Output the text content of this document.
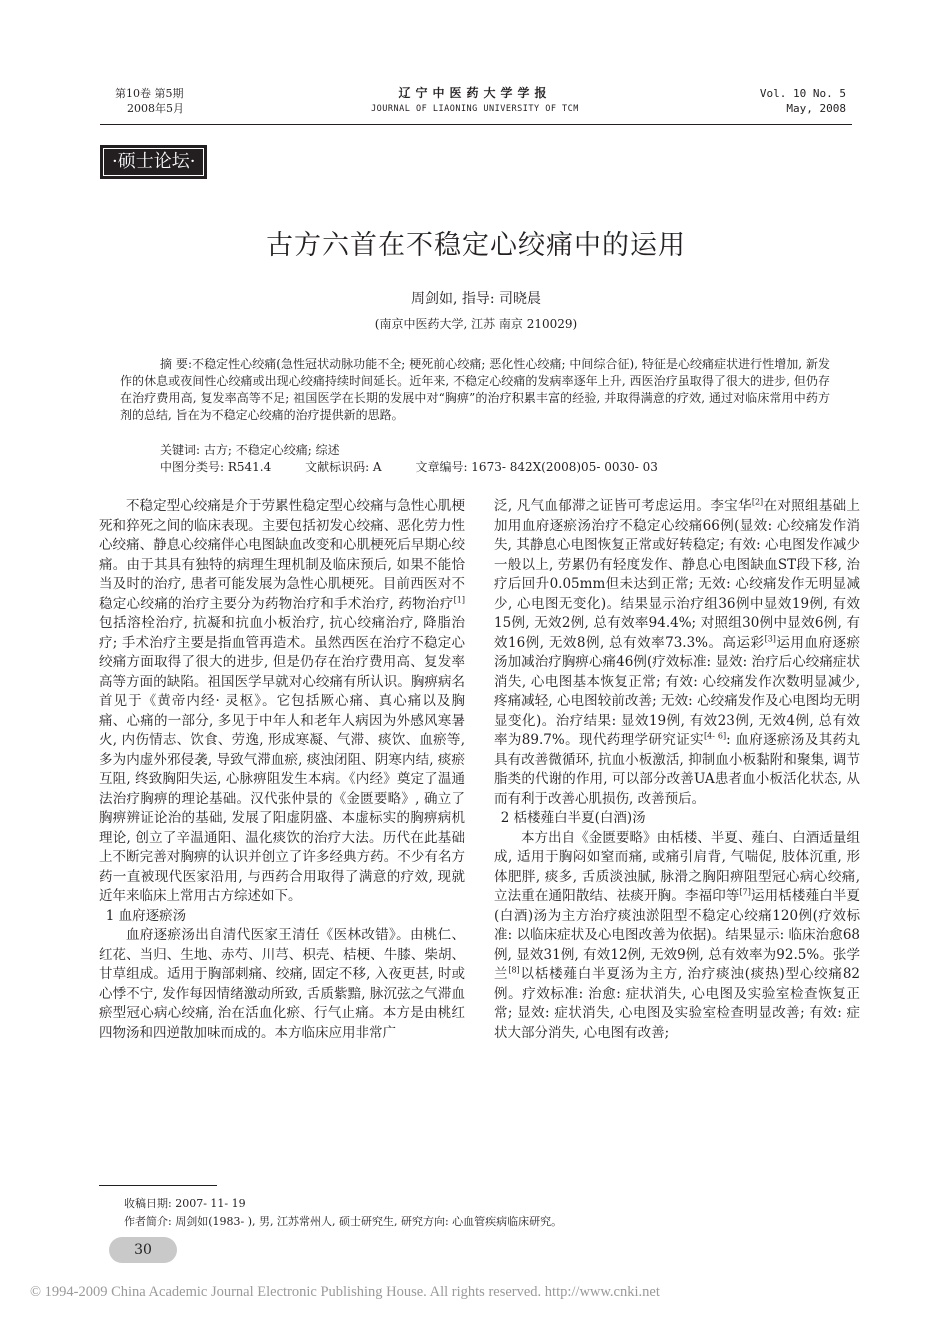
第10卷 第5期
2008年5月
辽宁中医药大学学报
JOURNAL OF LIAONING UNIVERSITY OF TCM
Vol. 10 No. 5
May, 2008
·硕士论坛·
古方六首在不稳定心绞痛中的运用
周剑如, 指导: 司晓晨
(南京中医药大学, 江苏 南京 210029)
摘 要:不稳定性心绞痛(急性冠状动脉功能不全; 梗死前心绞痛; 恶化性心绞痛; 中间综合征), 特征是心绞痛症状进行性增加, 新发作的休息或夜间性心绞痛或出现心绞痛持续时间延长。近年来, 不稳定心绞痛的发病率逐年上升, 西医治疗虽取得了很大的进步, 但仍存在治疗费用高, 复发率高等不足; 祖国医学在长期的发展中对“胸痹”的治疗积累丰富的经验, 并取得满意的疗效, 通过对临床常用中药方剂的总结, 旨在为不稳定心绞痛的治疗提供新的思路。
关键词: 古方; 不稳定心绞痛; 综述
中图分类号: R541.4	文献标识码: A	文章编号: 1673- 842X(2008)05- 0030- 03

不稳定型心绞痛是介于劳累性稳定型心绞痛与急性心肌梗死和猝死之间的临床表现。主要包括初发心绞痛、恶化劳力性心绞痛、静息心绞痛伴心电图缺血改变和心肌梗死后早期心绞痛。由于其具有独特的病理生理机制及临床预后, 如果不能恰当及时的治疗, 患者可能发展为急性心肌梗死。目前西医对不稳定心绞痛的治疗主要分为药物治疗和手术治疗, 药物治疗[1]包括溶栓治疗, 抗凝和抗血小板治疗, 抗心绞痛治疗, 降脂治疗; 手术治疗主要是指血管再造术。虽然西医在治疗不稳定心绞痛方面取得了很大的进步, 但是仍存在治疗费用高、复发率高等方面的缺陷。祖国医学早就对心绞痛有所认识。胸痹病名首见于《黄帝内经· 灵枢》。它包括厥心痛、真心痛以及胸痛、心痛的一部分, 多见于中年人和老年人病因为外感风寒暑火, 内伤情志、饮食、劳逸, 形成寒凝、气滞、痰饮、血瘀等, 多为内虚外邪侵袭, 导致气滞血瘀, 痰浊闭阻、阴寒内结, 痰瘀互阻, 终致胸阳失运, 心脉痹阻发生本病。《内经》奠定了温通法治疗胸痹的理论基础。汉代张仲景的《金匮要略》, 确立了胸痹辨证论治的基础, 发展了阳虚阴盛、本虚标实的胸痹病机理论, 创立了辛温通阳、温化痰饮的治疗大法。历代在此基础上不断完善对胸痹的认识并创立了许多经典方药。不少有名方药一直被现代医家沿用, 与西药合用取得了满意的疗效, 现就近年来临床上常用古方综述如下。

1 血府逐瘀汤

血府逐瘀汤出自清代医家王清任《医林改错》。由桃仁、红花、当归、生地、赤芍、川芎、枳壳、桔梗、牛膝、柴胡、甘草组成。适用于胸部刺痛、绞痛, 固定不移, 入夜更甚, 时或心悸不宁, 发作每因情绪激动所致, 舌质紫黯, 脉沉弦之气滞血瘀型冠心病心绞痛, 治在活血化瘀、行气止痛。本方是由桃红四物汤和四逆散加味而成的。本方临床应用非常广

泛, 凡气血郁滞之证皆可考虑运用。李宝华[2]在对照组基础上加用血府逐瘀汤治疗不稳定心绞痛66例(显效: 心绞痛发作消失, 其静息心电图恢复正常或好转稳定; 有效: 心电图发作减少一般以上, 劳累仍有轻度发作、静息心电图缺血ST段下移, 治疗后回升0.05mm但未达到正常; 无效: 心绞痛发作无明显减少, 心电图无变化)。结果显示治疗组36例中显效19例, 有效15例, 无效2例, 总有效率94.4%; 对照组30例中显效6例, 有效16例, 无效8例, 总有效率73.3%。高运彩[3]运用血府逐瘀汤加减治疗胸痹心痛46例(疗效标准: 显效: 治疗后心绞痛症状消失, 心电图基本恢复正常; 有效: 心绞痛发作次数明显减少, 疼痛减轻, 心电图较前改善; 无效: 心绞痛发作及心电图均无明显变化)。治疗结果: 显效19例, 有效23例, 无效4例, 总有效率为89.7%。现代药理学研究证实[4- 6]: 血府逐瘀汤及其药丸具有改善微循环, 抗血小板激活, 抑制血小板黏附和聚集, 调节脂类的代谢的作用, 可以部分改善UA患者血小板活化状态, 从而有利于改善心肌损伤, 改善预后。

2 栝楼薤白半夏(白酒)汤

本方出自《金匮要略》由栝楼、半夏、薤白、白酒适量组成, 适用于胸闷如窒而痛, 或痛引肩背, 气喘促, 肢体沉重, 形体肥胖, 痰多, 舌质淡浊腻, 脉滑之胸阳痹阻型冠心病心绞痛, 立法重在通阳散结、祛痰开胸。李福印等[7]运用栝楼薤白半夏(白酒)汤为主方治疗痰浊淤阻型不稳定心绞痛120例(疗效标准: 以临床症状及心电图改善为依据)。结果显示: 临床治愈68例, 显效31例, 有效12例, 无效9例, 总有效率为92.5%。张学兰[8]以栝楼薤白半夏汤为主方, 治疗痰浊(痰热)型心绞痛82例。疗效标准: 治愈: 症状消失, 心电图及实验室检查恢复正常; 显效: 症状消失, 心电图及实验室检查明显改善; 有效: 症状大部分消失, 心电图有改善;

收稿日期: 2007- 11- 19
作者简介: 周剑如(1983- ), 男, 江苏常州人, 硕士研究生, 研究方向: 心血管疾病临床研究。
30
© 1994-2009 China Academic Journal Electronic Publishing House. All rights reserved. http://www.cnki.net
